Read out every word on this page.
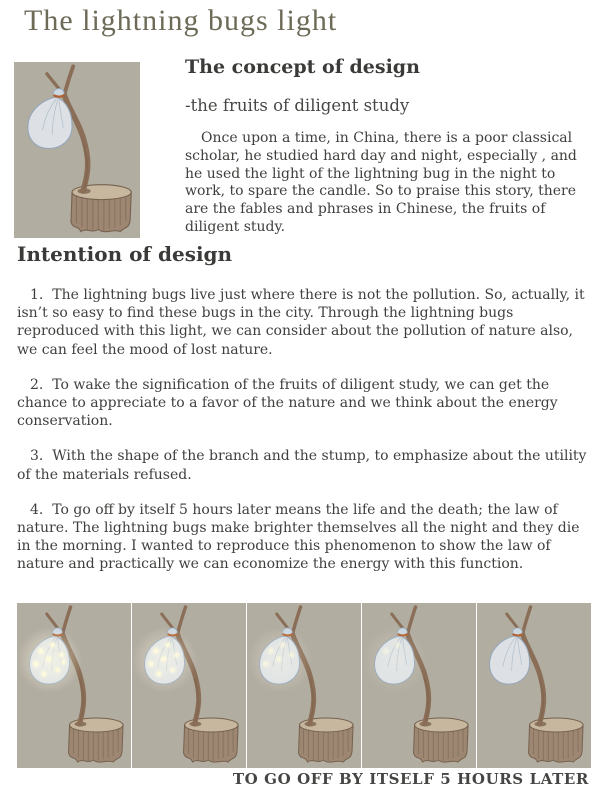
The lightning bugs light
The concept of design
-the fruits of diligent study

Once upon a time, in China, there is a poor classical scholar, he studied hard day and night, especially , and he used the light of the lightning bug in the night to work, to spare the candle. So to praise this story, there are the fables and phrases in Chinese, the fruits of diligent study.

Intention of design

1.  The lightning bugs live just where there is not the pollution. So, actually, it isn’t so easy to find these bugs in the city. Through the lightning bugs reproduced with this light, we can consider about the pollution of nature also, we can feel the mood of lost nature.

2.  To wake the signification of the fruits of diligent study, we can get the chance to appreciate to a favor of the nature and we think about the energy conservation.

3.  With the shape of the branch and the stump, to emphasize about the utility of the materials refused.

4.  To go off by itself 5 hours later means the life and the death; the law of nature. The lightning bugs make brighter themselves all the night and they die in the morning. I wanted to reproduce this phenomenon to show the law of nature and practically we can economize the energy with this function.

TO GO OFF BY ITSELF 5 HOURS LATER
